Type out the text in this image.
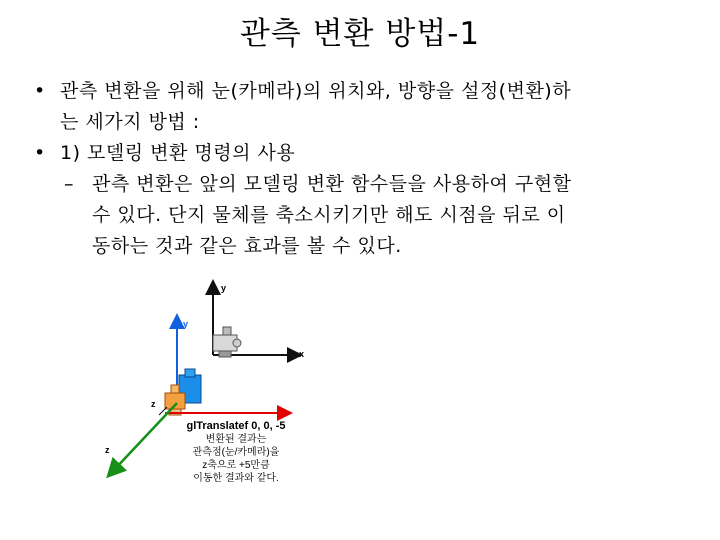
관측 변환 방법-1
• 관측 변환을 위해 눈(카메라)의 위치와, 방향을 설정(변환)하
는 세가지 방법 :
• 1) 모델링 변환 명령의 사용
– 관측 변환은 앞의 모델링 변환 함수들을 사용하여 구현할
수 있다. 단지 물체를 축소시키기만 해도 시점을 뒤로 이
동하는 것과 같은 효과를 볼 수 있다.
y
x
y
z
z
glTranslatef 0, 0, -5
변환된 결과는
관측점(눈/카메라)을
z축으로 +5만큼
이동한 결과와 같다.
